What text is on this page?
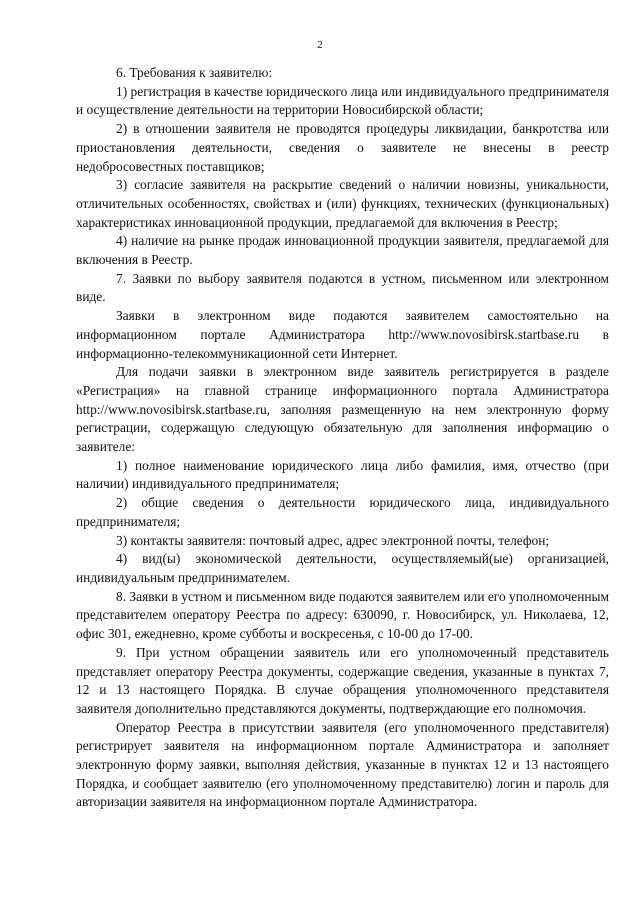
2

6. Требования к заявителю:

1) регистрация в качестве юридического лица или индивидуального предпринимателя и осуществление деятельности на территории Новосибирской области;

2) в отношении заявителя не проводятся процедуры ликвидации, банкротства или приостановления деятельности, сведения о заявителе не внесены в реестр недобросовестных поставщиков;

3) согласие заявителя на раскрытие сведений о наличии новизны, уникальности, отличительных особенностях, свойствах и (или) функциях, технических (функциональных) характеристиках инновационной продукции, предлагаемой для включения в Реестр;

4) наличие на рынке продаж инновационной продукции заявителя, предлагаемой для включения в Реестр.

7. Заявки по выбору заявителя подаются в устном, письменном или электронном виде.

Заявки в электронном виде подаются заявителем самостоятельно на информационном портале Администратора http://www.novosibirsk.startbase.ru в информационно-телекоммуникационной сети Интернет.

Для подачи заявки в электронном виде заявитель регистрируется в разделе «Регистрация» на главной странице информационного портала Администратора http://www.novosibirsk.startbase.ru, заполняя размещенную на нем электронную форму регистрации, содержащую следующую обязательную для заполнения информацию о заявителе:

1) полное наименование юридического лица либо фамилия, имя, отчество (при наличии) индивидуального предпринимателя;

2) общие сведения о деятельности юридического лица, индивидуального предпринимателя;

3) контакты заявителя: почтовый адрес, адрес электронной почты, телефон;

4) вид(ы) экономической деятельности, осуществляемый(ые) организацией, индивидуальным предпринимателем.

8. Заявки в устном и письменном виде подаются заявителем или его уполномоченным представителем оператору Реестра по адресу: 630090, г. Новосибирск, ул. Николаева, 12, офис 301, ежедневно, кроме субботы и воскресенья, с 10-00 до 17-00.

9. При устном обращении заявитель или его уполномоченный представитель представляет оператору Реестра документы, содержащие сведения, указанные в пунктах 7, 12 и 13 настоящего Порядка. В случае обращения уполномоченного представителя заявителя дополнительно представляются документы, подтверждающие его полномочия.

Оператор Реестра в присутствии заявителя (его уполномоченного представителя) регистрирует заявителя на информационном портале Администратора и заполняет электронную форму заявки, выполняя действия, указанные в пунктах 12 и 13 настоящего Порядка, и сообщает заявителю (его уполномоченному представителю) логин и пароль для авторизации заявителя на информационном портале Администратора.
